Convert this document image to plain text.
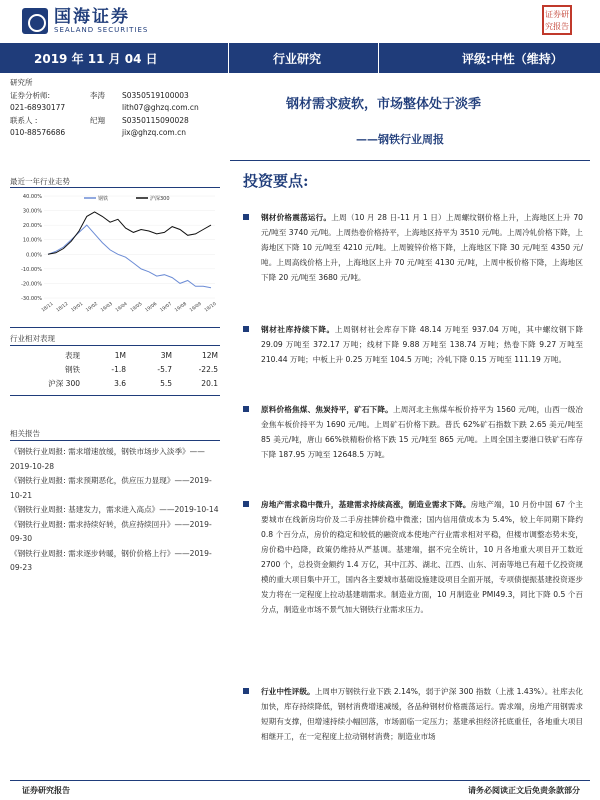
国海证券
SEALAND SECURITIES
证券研究报告
2019 年 11 月 04 日	行业研究	评级:中性（维持）
研究所
证券分析师:	李涛	S0350519100003
021-68930177	lith07@ghzq.com.cn
联系人 :	纪翔	S0350115090028
010-88576686	jix@ghzq.com.cn
钢材需求疲软，市场整体处于淡季
——钢铁行业周报
最近一年行业走势
40.00%
30.00%
20.00%
10.00%
0.00%
-10.00%
-20.00%
-30.00%
18/11 18/12 19/01 19/02 19/03 19/04 19/05 19/06 19/07 19/08 19/09 19/10
钢铁	沪深300
行业相对表现
表现	1M	3M	12M
钢铁	-1.8	-5.7	-22.5
沪深 300	3.6	5.5	20.1
相关报告
《钢铁行业周报: 需求增速放缓，钢铁市场步入淡季》——2019-10-28
《钢铁行业周报: 需求预期恶化，供应压力显现》——2019-10-21
《钢铁行业周报: 基建发力，需求进入高点》——2019-10-14
《钢铁行业周报: 需求持续好转，供应持续回升》——2019-09-30
《钢铁行业周报: 需求逐步转暖，钢价价格上行》——2019-09-23
投资要点:
钢材价格震荡运行。上周（10 月 28 日-11 月 1 日）上周螺纹钢价格上升，上海地区上升 70 元/吨至 3740 元/吨。上周热卷价格持平，上海地区持平为 3510 元/吨。上周冷轧价格下降，上海地区下降 10 元/吨至 4210 元/吨。上周镀锌价格下降，上海地区下降 30 元/吨至 4350 元/吨。上周高线价格上升，上海地区上升 70 元/吨至 4130 元/吨，上周中板价格下降，上海地区下降 20 元/吨至 3680 元/吨。
钢材社库持续下降。上周钢材社会库存下降 48.14 万吨至 937.04 万吨，其中螺纹钢下降 29.09 万吨至 372.17 万吨；线材下降 9.88 万吨至 138.74 万吨；热卷下降 9.27 万吨至 210.44 万吨；中板上升 0.25 万吨至 104.5 万吨；冷轧下降 0.15 万吨至 111.19 万吨。
原料价格焦煤、焦炭持平，矿石下降。上周河北主焦煤车板价持平为 1560 元/吨，山西一级冶金焦车板价持平为 1690 元/吨。上周矿石价格下跌。普氏 62%矿石指数下跌 2.65 美元/吨至 85 美元/吨，唐山 66%铁精粉价格下跌 15 元/吨至 865 元/吨。上周全国主要港口铁矿石库存下降 187.95 万吨至 12648.5 万吨。
房地产需求稳中微升，基建需求持续高涨，制造业需求下降。房地产端，10 月份中国 67 个主要城市在线新房均价及二手房挂牌价稳中微涨；国内信用债成本为 5.4%，较上年同期下降约 0.8 个百分点，房价的稳定和较低的融资成本使地产行业需求相对平稳，但楼市调整态势未变，房价稳中趋降，政策仍维持从严基调。基建端，据不完全统计，10 月各地重大项目开工数近 2700 个，总投资金额约 1.4 万亿，其中江苏、湖北、江西、山东、河南等地已有超千亿投资规模的重大项目集中开工，国内各主要城市基础设施建设项目全面开展，专项债提振基建投资逐步发力将在一定程度上拉动基建端需求。制造业方面，10 月制造业 PMI49.3，同比下降 0.5 个百分点，制造业市场不景气加大钢铁行业需求压力。
行业中性评级。上周申万钢铁行业下跌 2.14%，弱于沪深 300 指数（上涨 1.43%）。社库去化加快，库存持续降低，钢材消费增速减缓，各品种钢材价格震荡运行。需求端，房地产用钢需求短期有支撑，但增速持续小幅回落，市场面临一定压力；基建承担经济托底重任，各地重大项目相继开工，在一定程度上拉动钢材消费；制造业市场
证券研究报告	请务必阅读正文后免责条款部分
